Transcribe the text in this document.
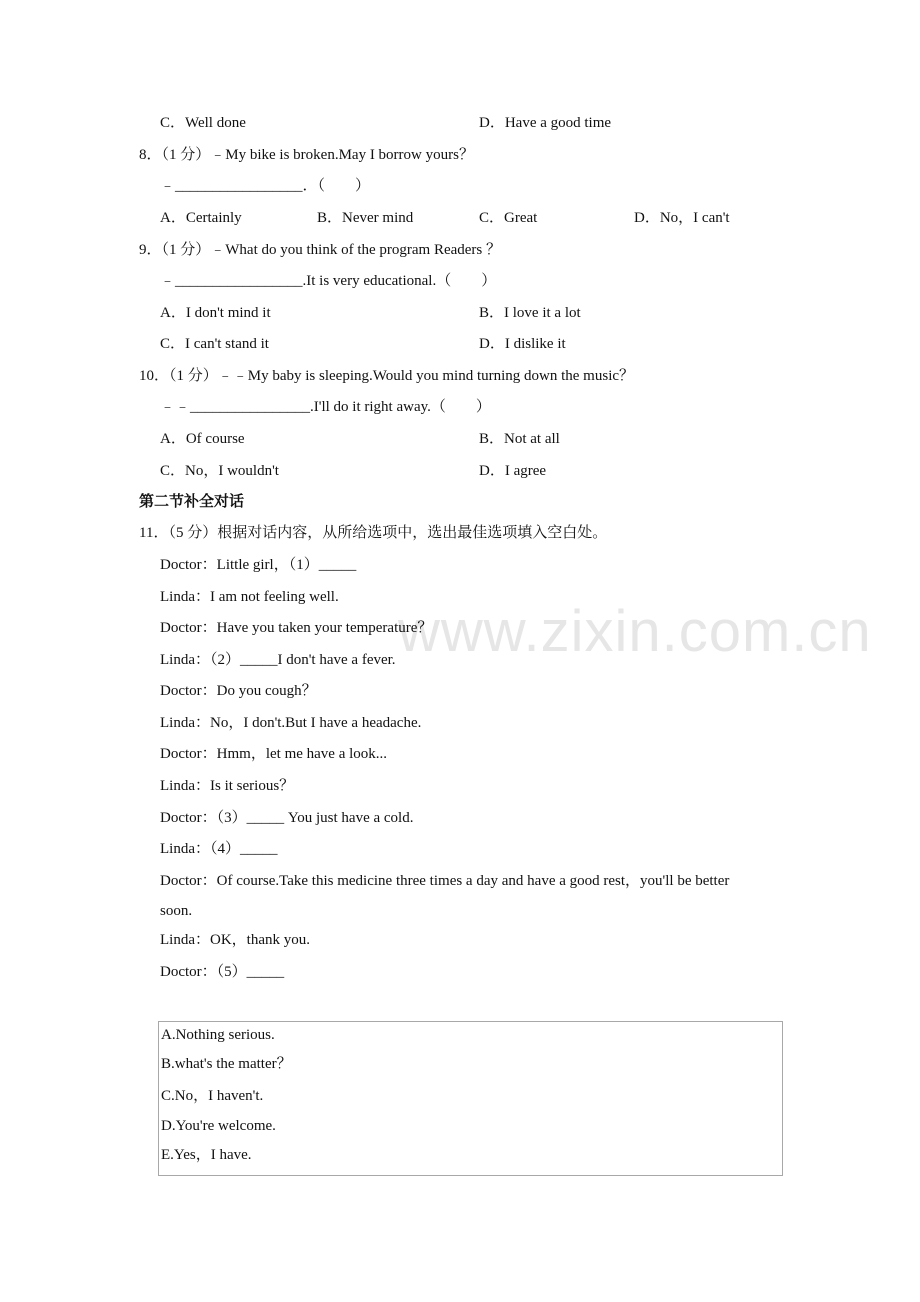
www.zixin.com.cn
C．Well done	D．Have a good time
8．（1 分）﹣My bike is broken.May I borrow yours？
﹣_________________．（　　）
A．Certainly	B．Never mind	C．Great	D．No，I can't
9．（1 分）﹣What do you think of the program Readers ？
﹣_________________.It is very educational.（　　）
A．I don't mind it	B．I love it a lot
C．I can't stand it	D．I dislike it
10．（1 分）﹣﹣My baby is sleeping.Would you mind turning down the music？
﹣﹣________________.I'll do it right away.（　　）
A．Of course	B．Not at all
C．No，I wouldn't	D．I agree
第二节补全对话
11．（5 分）根据对话内容，从所给选项中，选出最佳选项填入空白处。
Doctor：Little girl，（1）_____
Linda：I am not feeling well.
Doctor：Have you taken your temperature？
Linda：（2）_____I don't have a fever.
Doctor：Do you cough？
Linda：No，I don't.But I have a headache.
Doctor：Hmm，let me have a look...
Linda：Is it serious？
Doctor：（3）_____ You just have a cold.
Linda：（4）_____
Doctor：Of course.Take this medicine three times a day and have a good rest，you'll be better
soon.
Linda：OK，thank you.
Doctor：（5）_____
A.Nothing serious.
B.what's the matter？
C.No，I haven't.
D.You're welcome.
E.Yes，I have.
